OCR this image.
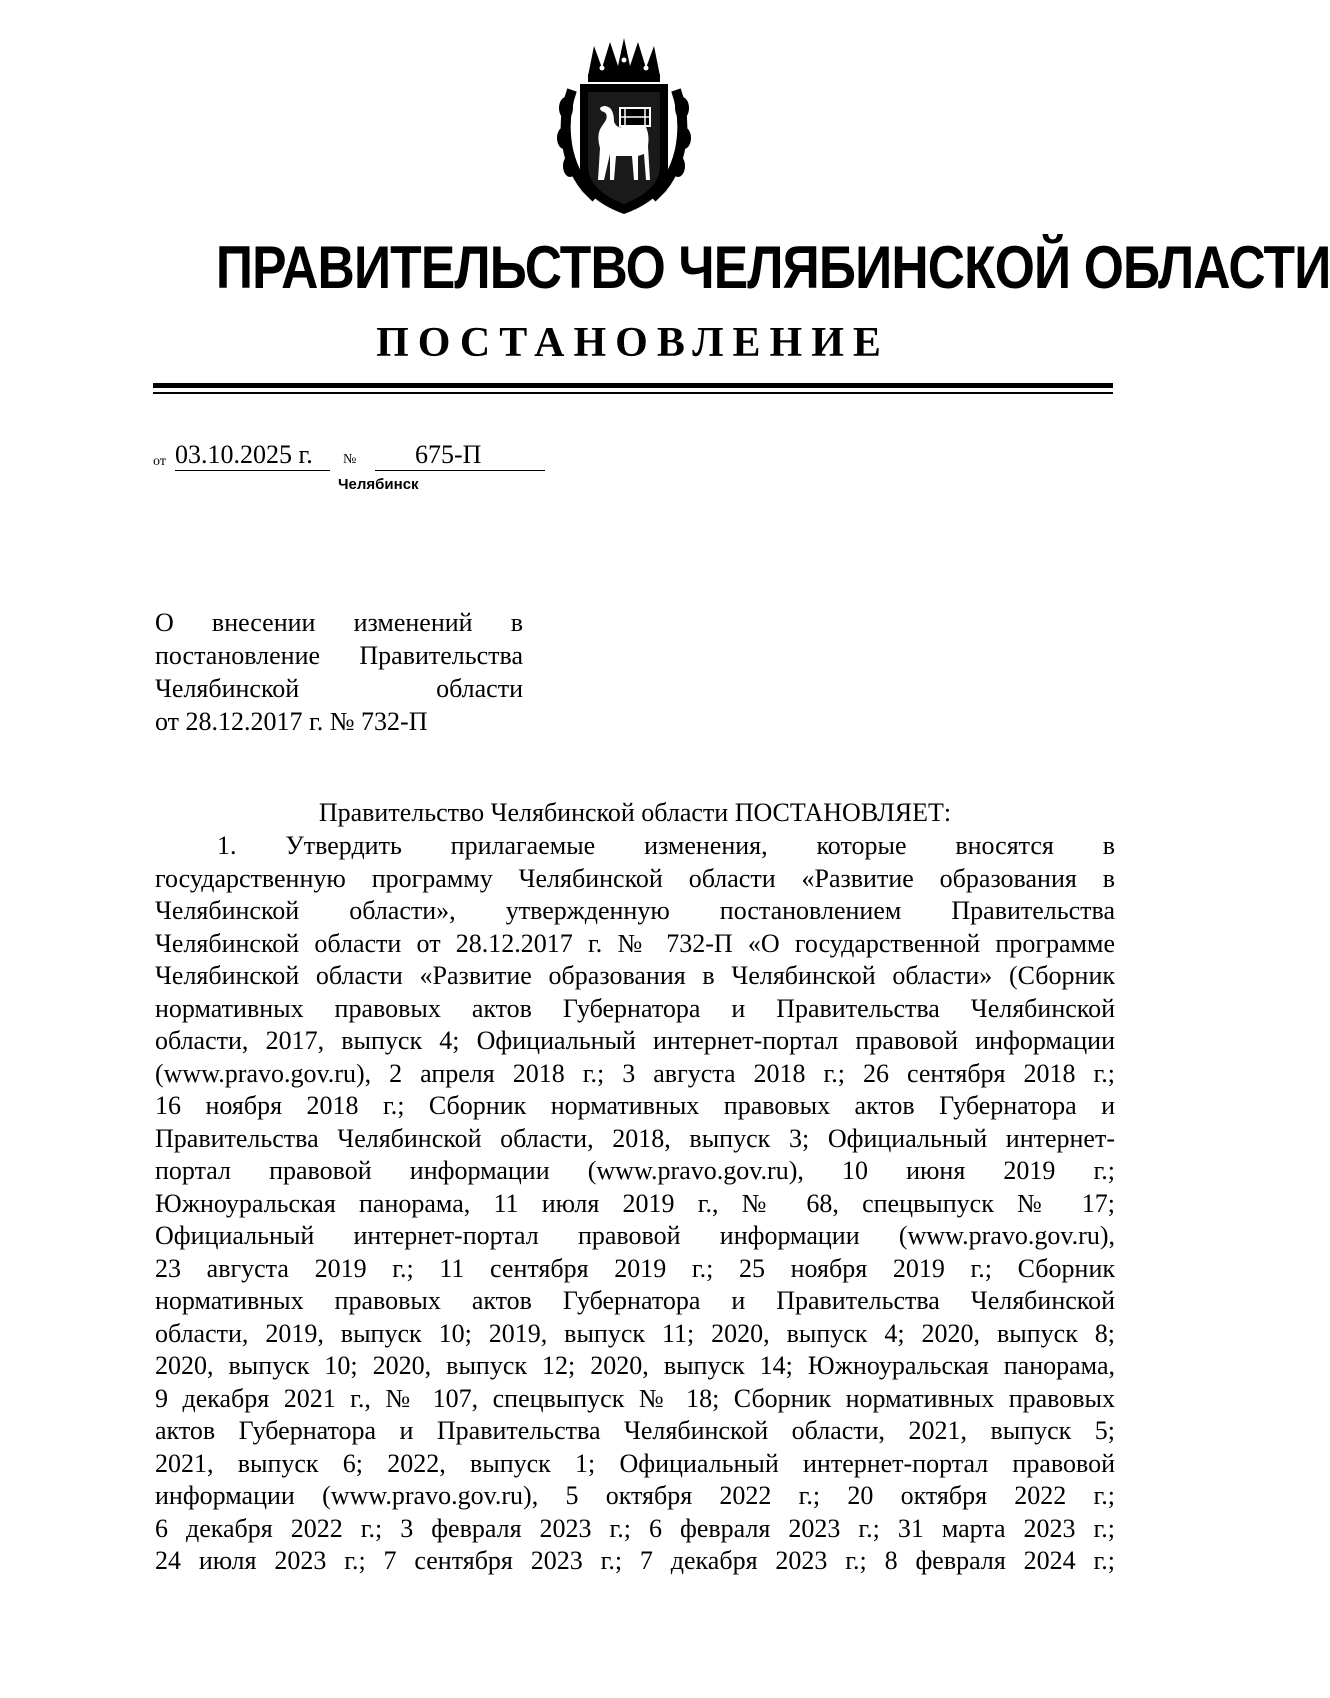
ПРАВИТЕЛЬСТВО ЧЕЛЯБИНСКОЙ ОБЛАСТИ
ПОСТАНОВЛЕНИЕ
от 03.10.2025 г.	№	675-П
Челябинск
О внесении изменений в
постановление Правительства
Челябинской области
от 28.12.2017 г. № 732-П
Правительство Челябинской области ПОСТАНОВЛЯЕТ:
1. Утвердить прилагаемые изменения, которые вносятся в
государственную программу Челябинской области «Развитие образования в
Челябинской области», утвержденную постановлением Правительства
Челябинской области от 28.12.2017 г. № 732-П «О государственной программе
Челябинской области «Развитие образования в Челябинской области» (Сборник
нормативных правовых актов Губернатора и Правительства Челябинской
области, 2017, выпуск 4; Официальный интернет-портал правовой информации
(www.pravo.gov.ru), 2 апреля 2018 г.; 3 августа 2018 г.; 26 сентября 2018 г.;
16 ноября 2018 г.; Сборник нормативных правовых актов Губернатора и
Правительства Челябинской области, 2018, выпуск 3; Официальный интернет-
портал правовой информации (www.pravo.gov.ru), 10 июня 2019 г.;
Южноуральская панорама, 11 июля 2019 г., № 68, спецвыпуск № 17;
Официальный интернет-портал правовой информации (www.pravo.gov.ru),
23 августа 2019 г.; 11 сентября 2019 г.; 25 ноября 2019 г.; Сборник
нормативных правовых актов Губернатора и Правительства Челябинской
области, 2019, выпуск 10; 2019, выпуск 11; 2020, выпуск 4; 2020, выпуск 8;
2020, выпуск 10; 2020, выпуск 12; 2020, выпуск 14; Южноуральская панорама,
9 декабря 2021 г., № 107, спецвыпуск № 18; Сборник нормативных правовых
актов Губернатора и Правительства Челябинской области, 2021, выпуск 5;
2021, выпуск 6; 2022, выпуск 1; Официальный интернет-портал правовой
информации (www.pravo.gov.ru), 5 октября 2022 г.; 20 октября 2022 г.;
6 декабря 2022 г.; 3 февраля 2023 г.; 6 февраля 2023 г.; 31 марта 2023 г.;
24 июля 2023 г.; 7 сентября 2023 г.; 7 декабря 2023 г.; 8 февраля 2024 г.;
